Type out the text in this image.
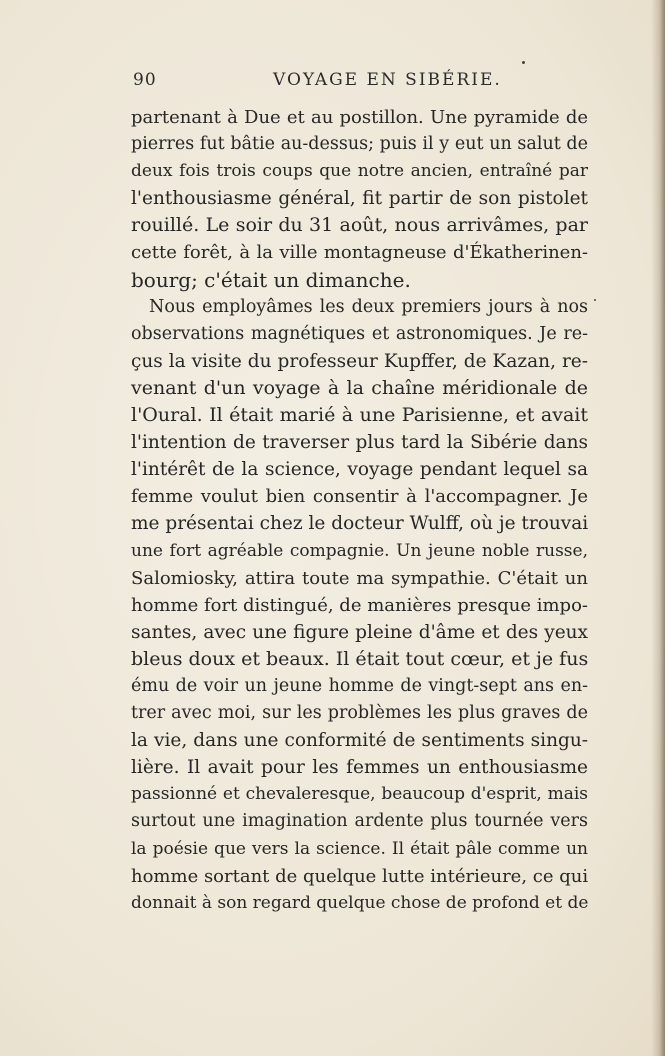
90	VOYAGE EN SIBÉRIE.
partenant à Due et au postillon. Une pyramide de
pierres fut bâtie au-dessus; puis il y eut un salut de
deux fois trois coups que notre ancien, entraîné par
l'enthousiasme général, fit partir de son pistolet
rouillé. Le soir du 31 août, nous arrivâmes, par
cette forêt, à la ville montagneuse d'Ékatherinen-
bourg; c'était un dimanche.
Nous employâmes les deux premiers jours à nos
observations magnétiques et astronomiques. Je re-
çus la visite du professeur Kupffer, de Kazan, re-
venant d'un voyage à la chaîne méridionale de
l'Oural. Il était marié à une Parisienne, et avait
l'intention de traverser plus tard la Sibérie dans
l'intérêt de la science, voyage pendant lequel sa
femme voulut bien consentir à l'accompagner. Je
me présentai chez le docteur Wulff, où je trouvai
une fort agréable compagnie. Un jeune noble russe,
Salomiosky, attira toute ma sympathie. C'était un
homme fort distingué, de manières presque impo-
santes, avec une figure pleine d'âme et des yeux
bleus doux et beaux. Il était tout cœur, et je fus
ému de voir un jeune homme de vingt-sept ans en-
trer avec moi, sur les problèmes les plus graves de
la vie, dans une conformité de sentiments singu-
lière. Il avait pour les femmes un enthousiasme
passionné et chevaleresque, beaucoup d'esprit, mais
surtout une imagination ardente plus tournée vers
la poésie que vers la science. Il était pâle comme un
homme sortant de quelque lutte intérieure, ce qui
donnait à son regard quelque chose de profond et de
